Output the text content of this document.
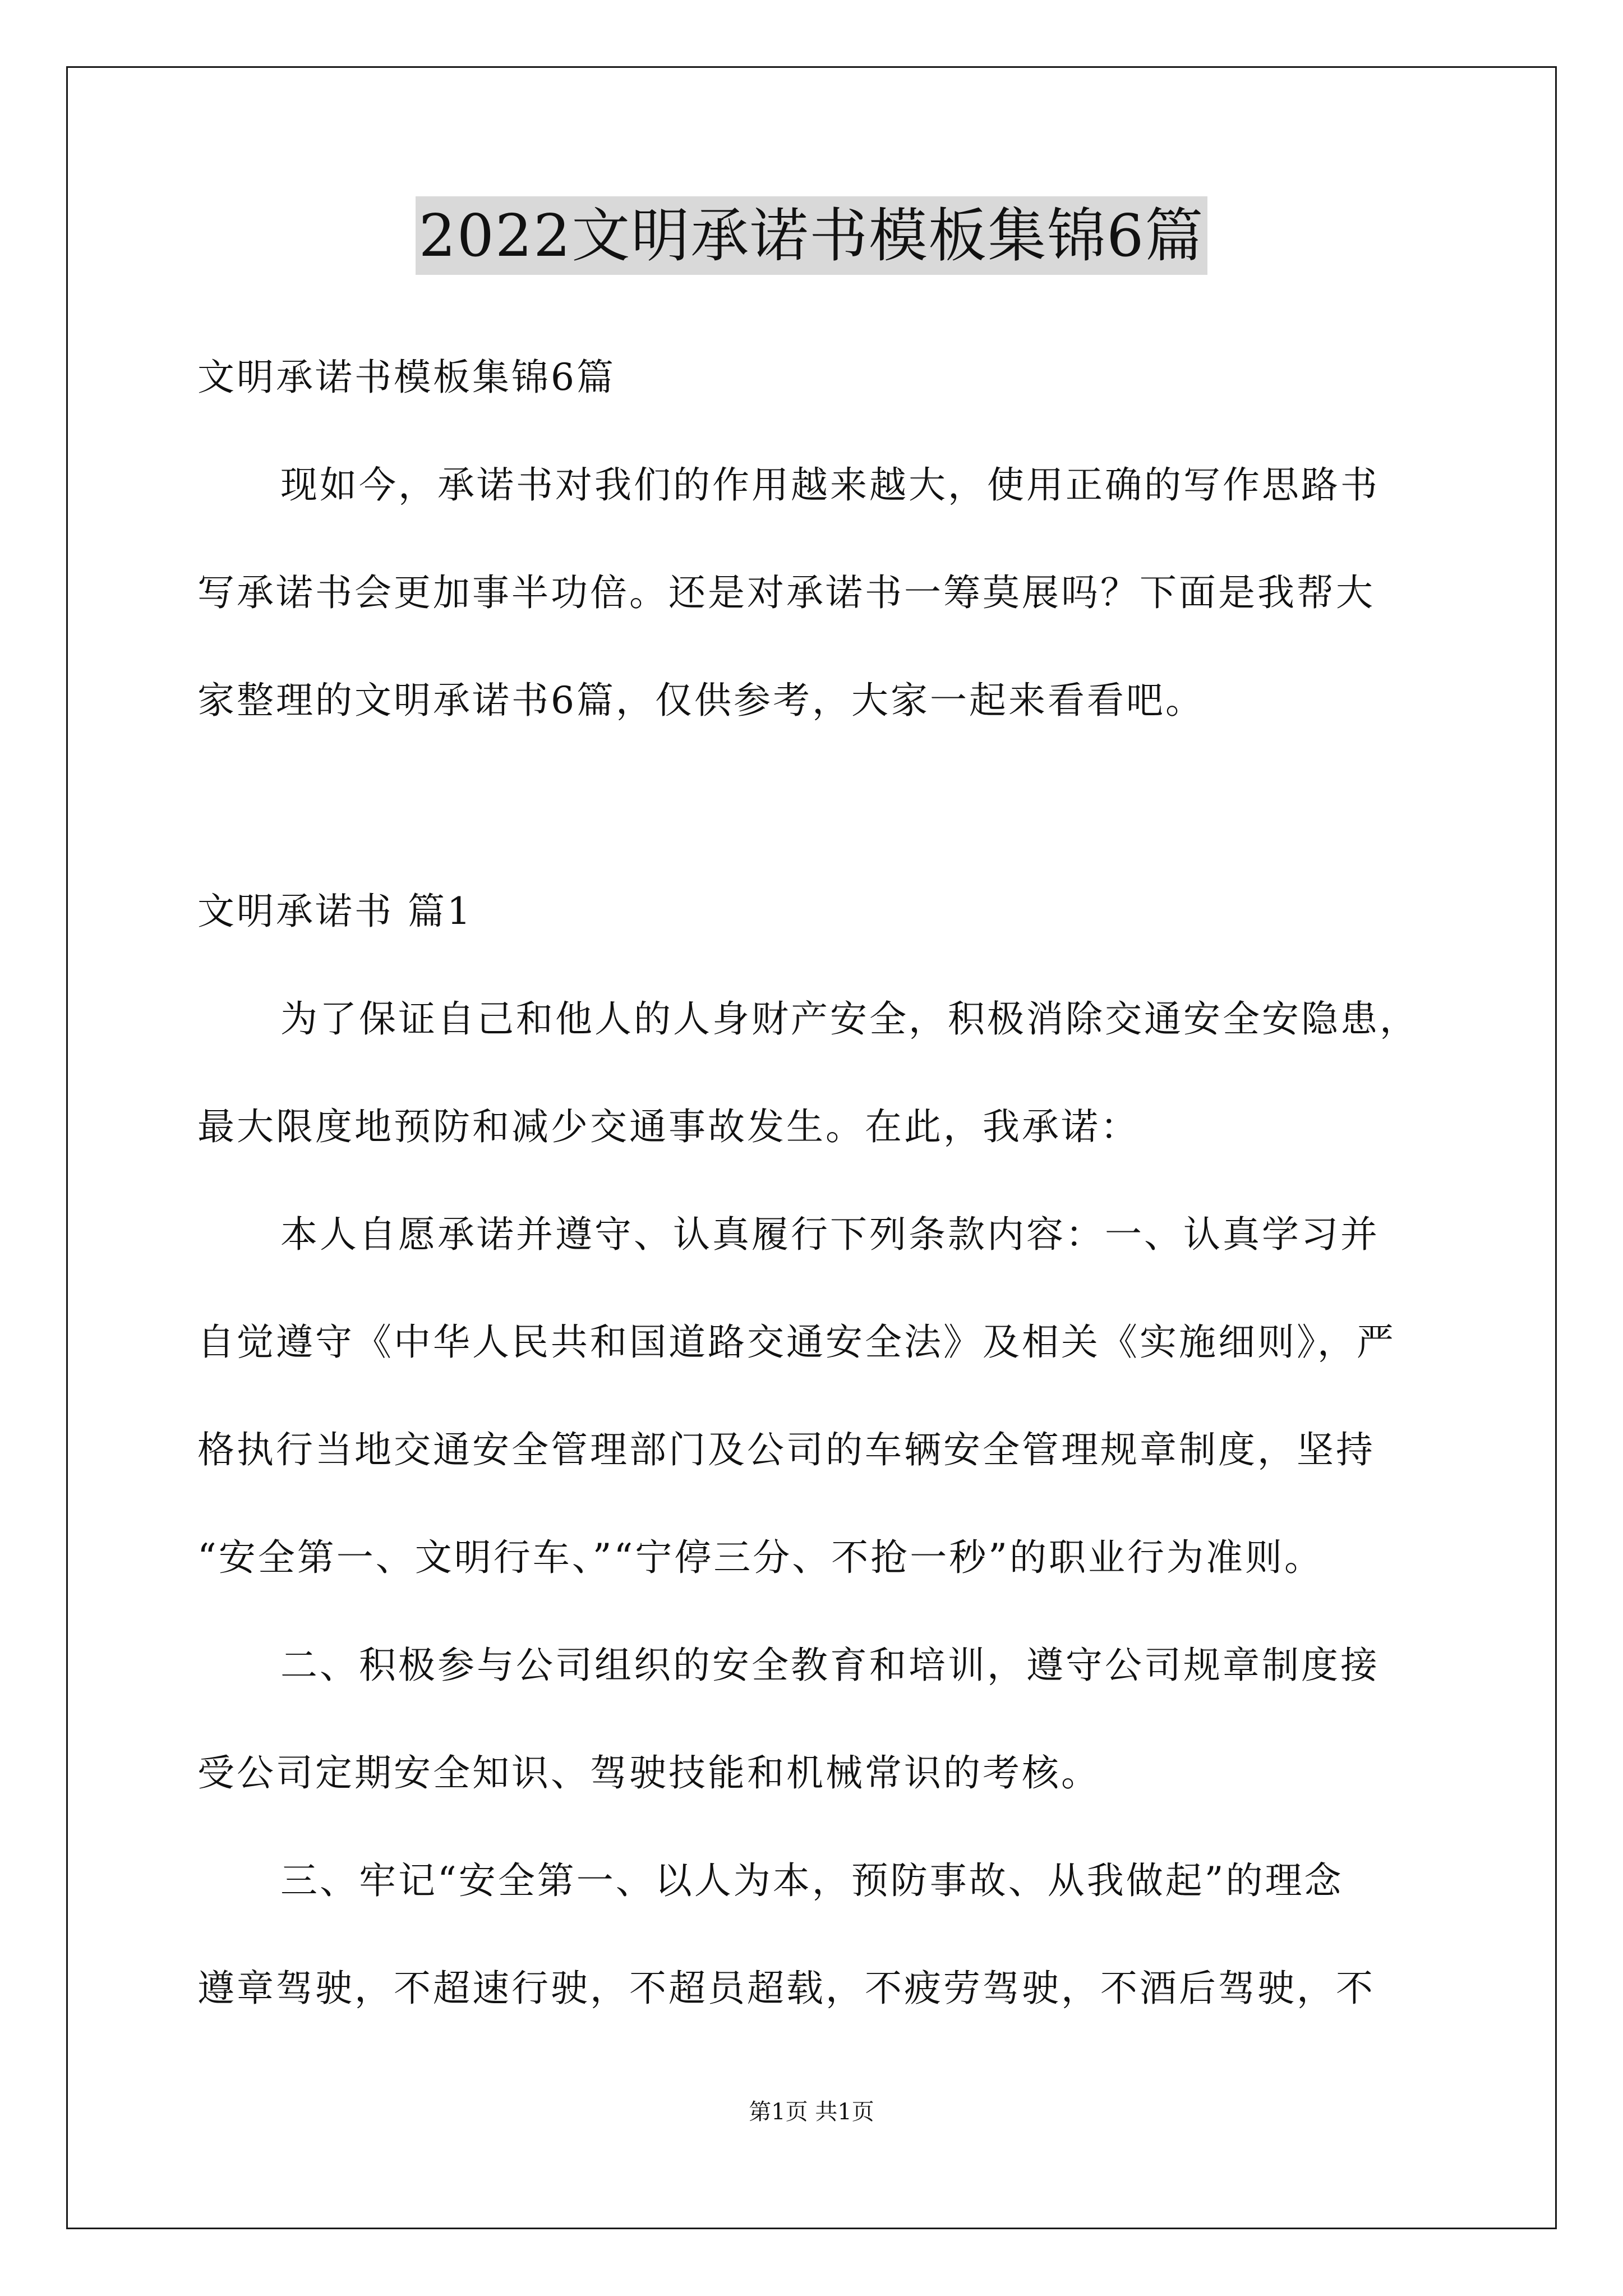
2022文明承诺书模板集锦6篇
文明承诺书模板集锦6篇
现如今，承诺书对我们的作用越来越大，使用正确的写作思路书
写承诺书会更加事半功倍。还是对承诺书一筹莫展吗？下面是我帮大
家整理的文明承诺书6篇，仅供参考，大家一起来看看吧。
文明承诺书 篇1
为了保证自己和他人的人身财产安全，积极消除交通安全安隐患，
最大限度地预防和减少交通事故发生。在此，我承诺：
本人自愿承诺并遵守、认真履行下列条款内容：一、认真学习并
自觉遵守《中华人民共和国道路交通安全法》及相关《实施细则》，严
格执行当地交通安全管理部门及公司的车辆安全管理规章制度，坚持
“安全第一、文明行车、”“宁停三分、不抢一秒”的职业行为准则。
二、积极参与公司组织的安全教育和培训，遵守公司规章制度接
受公司定期安全知识、驾驶技能和机械常识的考核。
三、牢记“安全第一、以人为本，预防事故、从我做起”的理念
遵章驾驶，不超速行驶，不超员超载，不疲劳驾驶，不酒后驾驶，不
第1页 共1页
